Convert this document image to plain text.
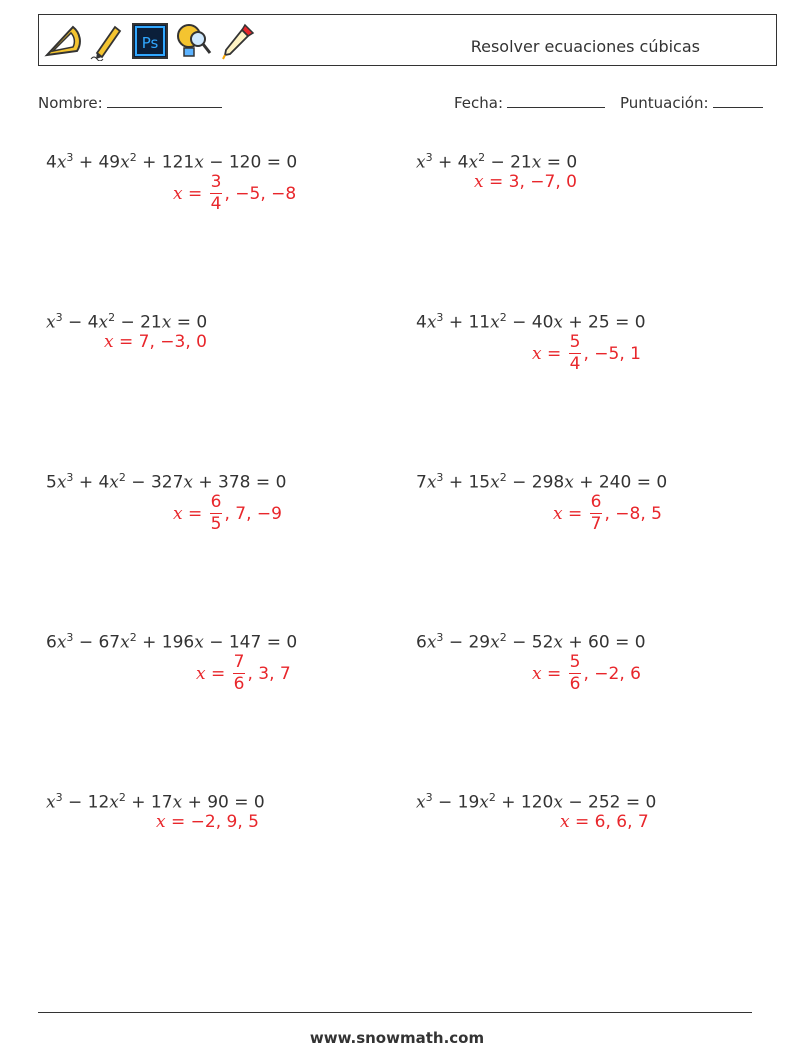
Ps	Resolver ecuaciones cúbicas
Nombre:	Fecha:	Puntuación:
$4x^3 + 49x^2 + 121x - 120 = 0$
x
=
$\frac{3}{4}$ , −5, −8
$x^3 + 4x^2 - 21x = 0$
x
=
3, −7, 0
$x^3 - 4x^2 - 21x = 0$
x
=
7, −3, 0
$4x^3 + 11x^2 - 40x + 25 = 0$
x
=
$\frac{5}{4}$ , −5, 1
$5x^3 + 4x^2 - 327x + 378 = 0$
x
=
$\frac{6}{5}$ , 7, −9
$7x^3 + 15x^2 - 298x + 240 = 0$
x
=
$\frac{6}{7}$ , −8, 5
$6x^3 - 67x^2 + 196x - 147 = 0$
x
=
$\frac{7}{6}$ , 3, 7
$6x^3 - 29x^2 - 52x + 60 = 0$
x
=
$\frac{5}{6}$ , −2, 6
$x^3 - 12x^2 + 17x + 90 = 0$
x
=
−2, 9, 5
$x^3 - 19x^2 + 120x - 252 = 0$
x
=
6, 6, 7
www.snowmath.com
